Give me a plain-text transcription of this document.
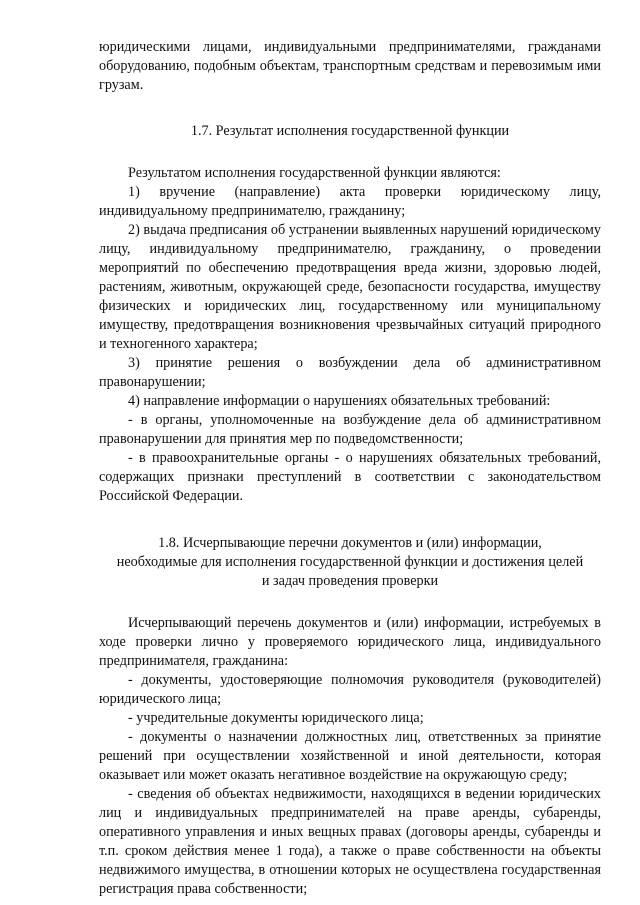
юридическими лицами, индивидуальными предпринимателями, гражданами оборудованию, подобным объектам, транспортным средствам и перевозимым ими грузам.

1.7. Результат исполнения государственной функции

Результатом исполнения государственной функции являются:

1) вручение (направление) акта проверки юридическому лицу, индивидуальному предпринимателю, гражданину;

2) выдача предписания об устранении выявленных нарушений юридическому лицу, индивидуальному предпринимателю, гражданину, о проведении мероприятий по обеспечению предотвращения вреда жизни, здоровью людей, растениям, животным, окружающей среде, безопасности государства, имуществу физических и юридических лиц, государственному или муниципальному имуществу, предотвращения возникновения чрезвычайных ситуаций природного и техногенного характера;

3) принятие решения о возбуждении дела об административном правонарушении;

4) направление информации о нарушениях обязательных требований:

- в органы, уполномоченные на возбуждение дела об административном правонарушении для принятия мер по подведомственности;

- в правоохранительные органы - о нарушениях обязательных требований, содержащих признаки преступлений в соответствии с законодательством Российской Федерации.

1.8. Исчерпывающие перечни документов и (или) информации,

необходимые для исполнения государственной функции и достижения целей

и задач проведения проверки

Исчерпывающий перечень документов и (или) информации, истребуемых в ходе проверки лично у проверяемого юридического лица, индивидуального предпринимателя, гражданина:

- документы, удостоверяющие полномочия руководителя (руководителей) юридического лица;

- учредительные документы юридического лица;

- документы о назначении должностных лиц, ответственных за принятие решений при осуществлении хозяйственной и иной деятельности, которая оказывает или может оказать негативное воздействие на окружающую среду;

- сведения об объектах недвижимости, находящихся в ведении юридических лиц и индивидуальных предпринимателей на праве аренды, субаренды, оперативного управления и иных вещных правах (договоры аренды, субаренды и т.п. сроком действия менее 1 года), а также о праве собственности на объекты недвижимого имущества, в отношении которых не осуществлена государственная регистрация права собственности;
